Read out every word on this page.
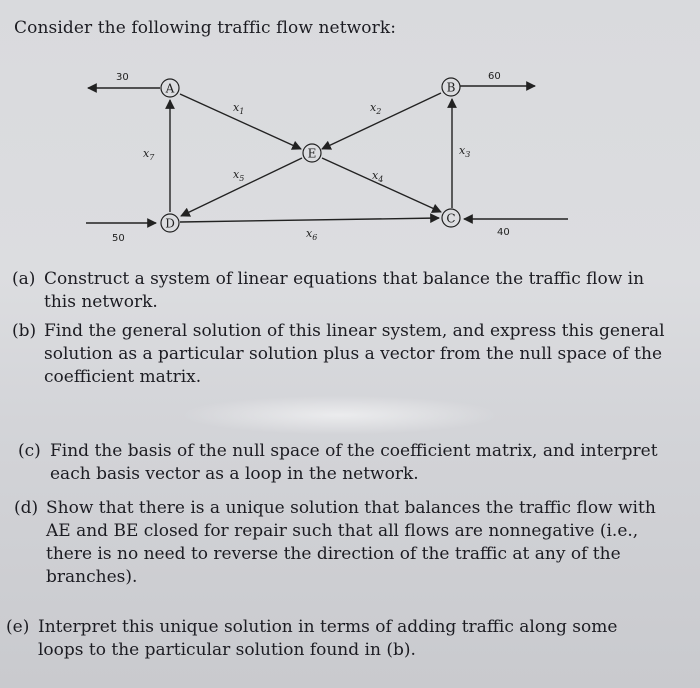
Consider the following traffic flow network:
A	B
E
D	C
30	60
50
40
$x_1$	$x_2$
$x_3$
$x_4$
$x_5$
$x_6$
$x_7$
(a) Construct a system of linear equations that balance the traffic flow in this network.
(b) Find the general solution of this linear system, and express this general solution as a particular solution plus a vector from the null space of the coefficient matrix.
(c) Find the basis of the null space of the coefficient matrix, and interpret each basis vector as a loop in the network.
(d) Show that there is a unique solution that balances the traffic flow with AE and BE closed for repair such that all flows are nonnegative (i.e., there is no need to reverse the direction of the traffic at any of the branches).
(e) Interpret this unique solution in terms of adding traffic along some loops to the particular solution found in (b).
